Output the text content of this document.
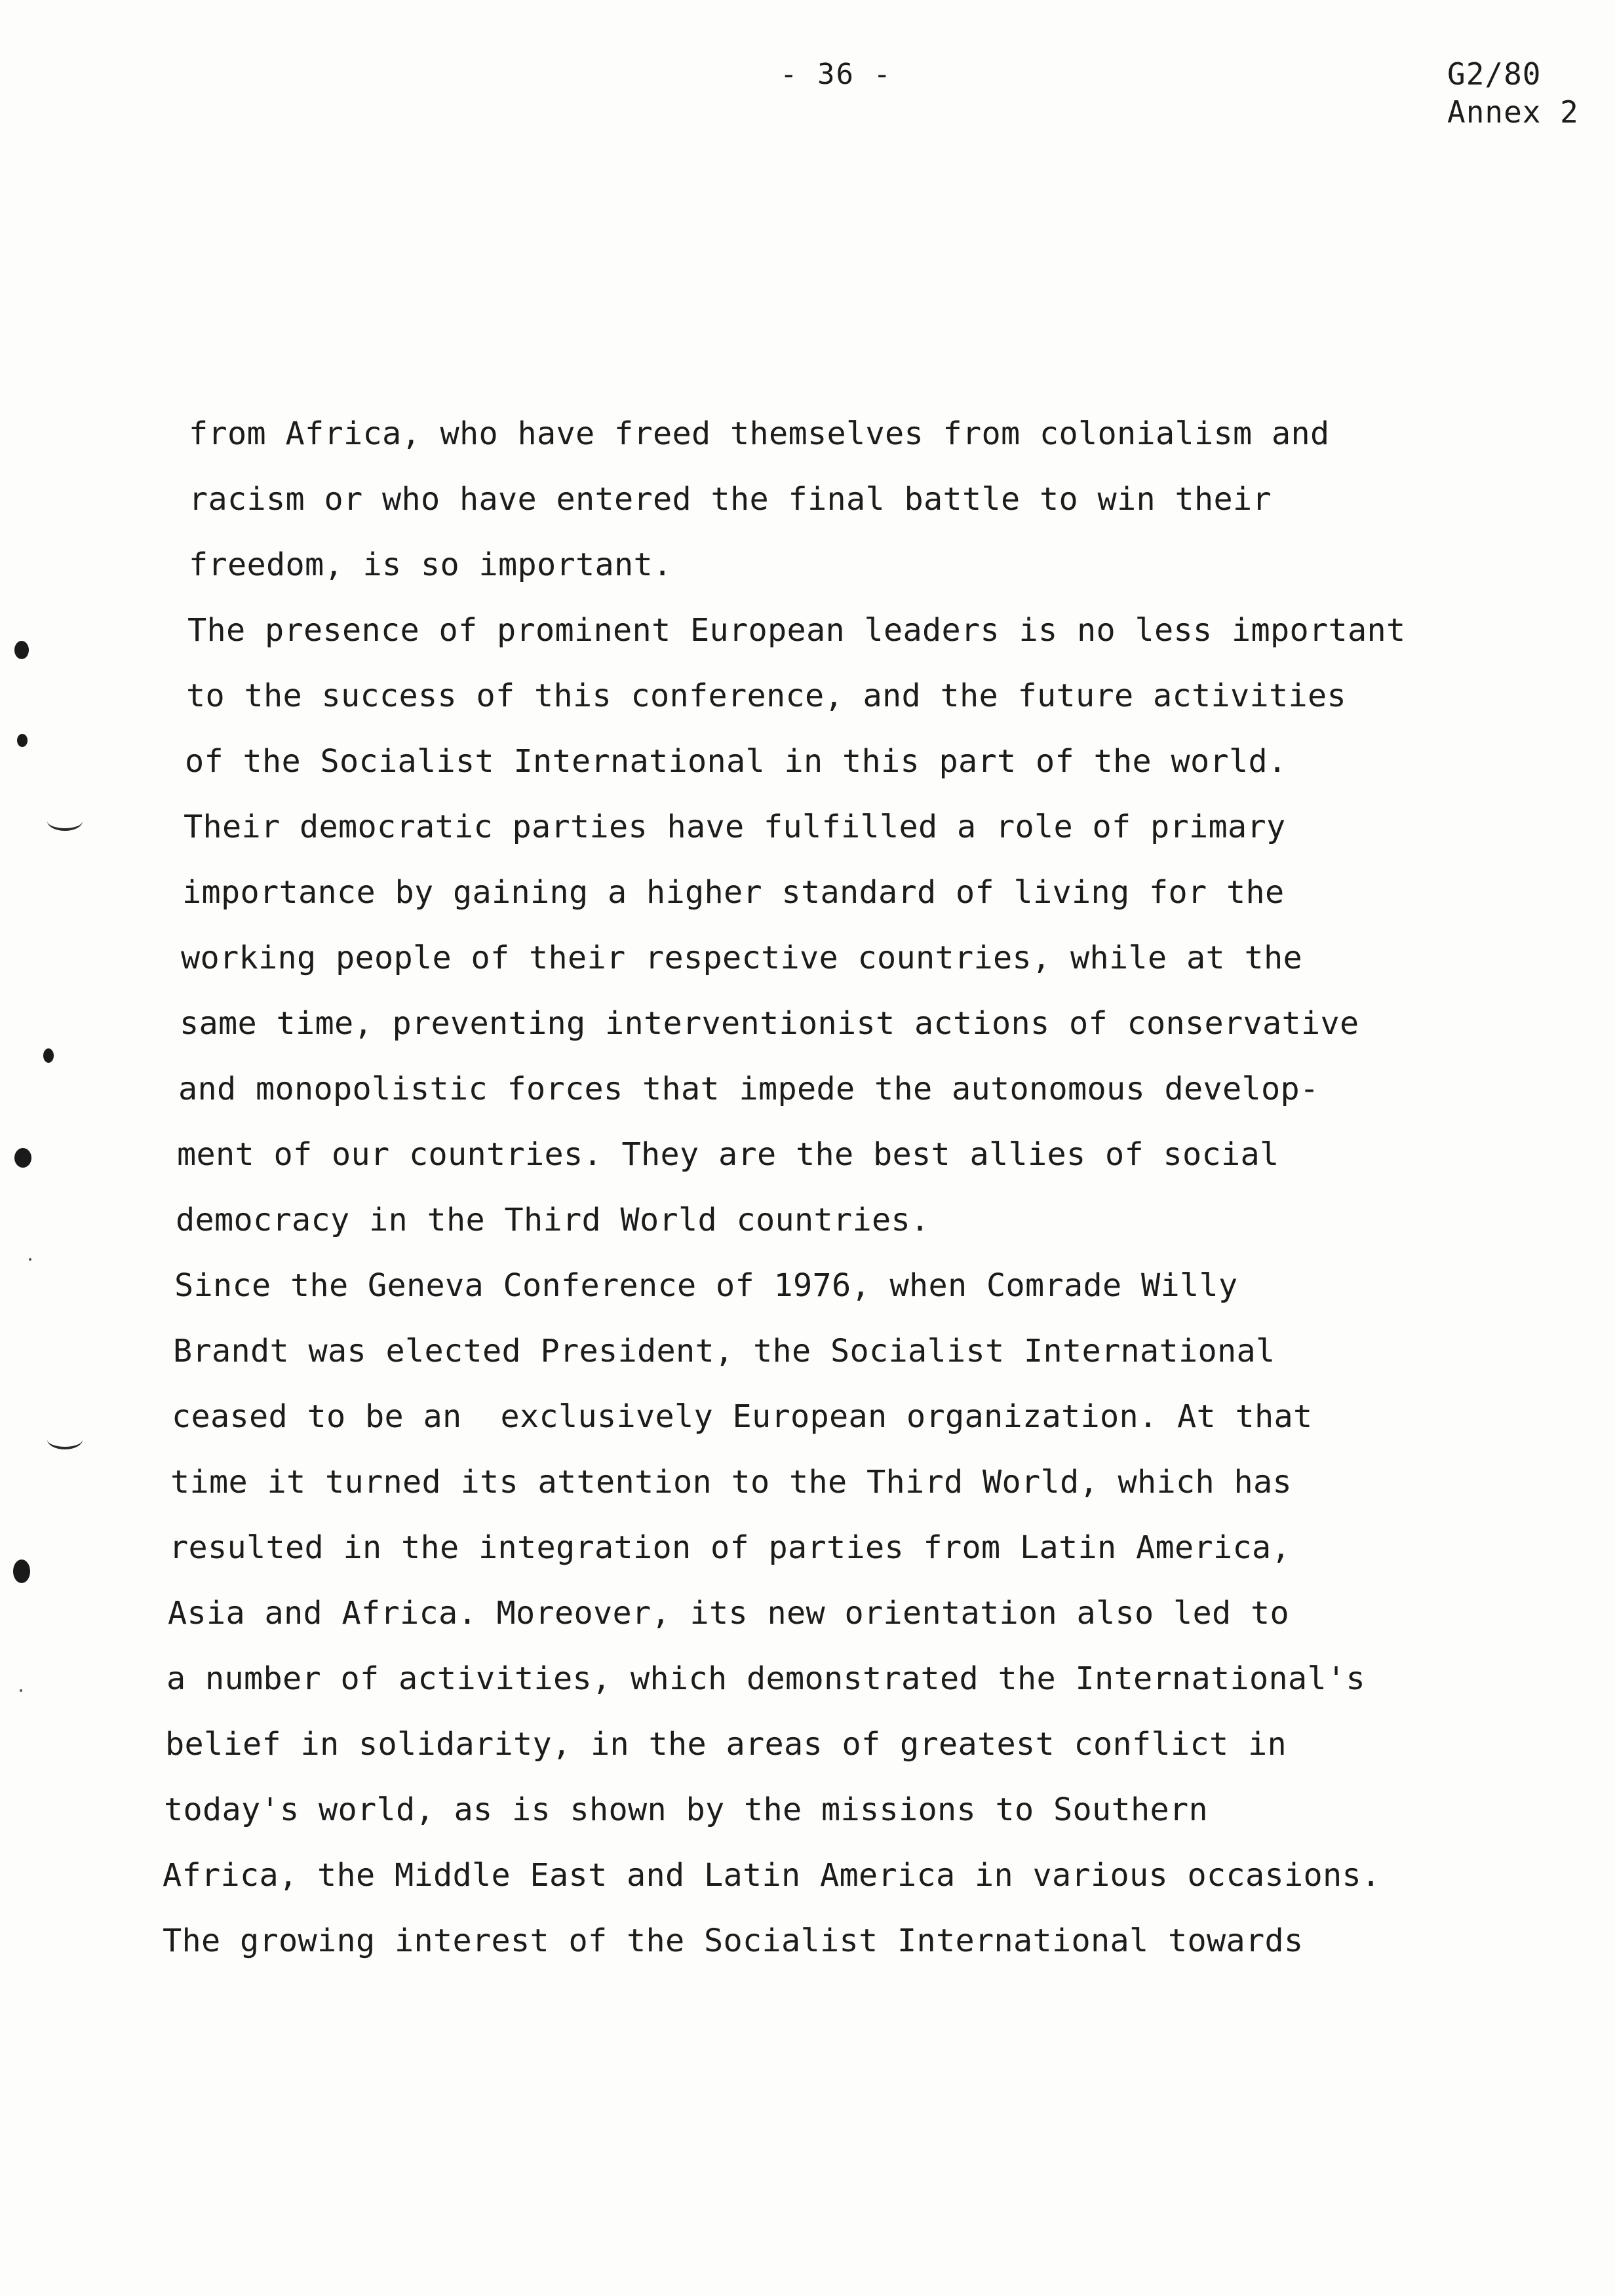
- 36 -	G2/80
Annex 2
from Africa, who have freed themselves from colonialism and
racism or who have entered the final battle to win their
freedom, is so important.
The presence of prominent European leaders is no less important
to the success of this conference, and the future activities
of the Socialist International in this part of the world.
Their democratic parties have fulfilled a role of primary
importance by gaining a higher standard of living for the
working people of their respective countries, while at the
same time, preventing interventionist actions of conservative
and monopolistic forces that impede the autonomous develop-
ment of our countries. They are the best allies of social
democracy in the Third World countries.
Since the Geneva Conference of 1976, when Comrade Willy
Brandt was elected President, the Socialist International
ceased to be an  exclusively European organization. At that
time it turned its attention to the Third World, which has
resulted in the integration of parties from Latin America,
Asia and Africa. Moreover, its new orientation also led to
a number of activities, which demonstrated the International's
belief in solidarity, in the areas of greatest conflict in
today's world, as is shown by the missions to Southern
Africa, the Middle East and Latin America in various occasions.
The growing interest of the Socialist International towards
